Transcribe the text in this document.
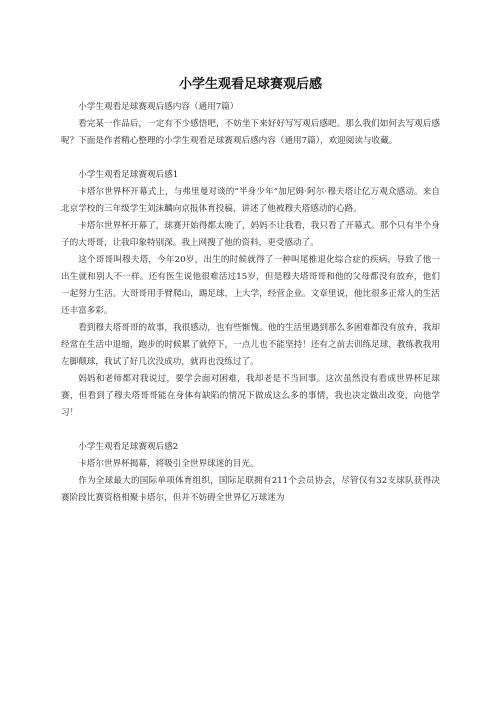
小学生观看足球赛观后感

小学生观看足球赛观后感内容（通用7篇）

看完某一作品后，一定有不少感悟吧，不妨坐下来好好写写观后感吧。那么我们如何去写观后感呢？下面是作者精心整理的小学生观看足球赛观后感内容（通用7篇），欢迎阅读与收藏。

小学生观看足球赛观后感1

卡塔尔世界杯开幕式上，与弗里曼对谈的“半身少年”加尼姆·阿尔·穆夫塔让亿万观众感动。来自北京学校的三年级学生刘沫麟向京报体育投稿，讲述了他被穆夫塔感动的心路。

卡塔尔世界杯开幕了，球赛开始得都太晚了，妈妈不让我看，我只看了开幕式。那个只有半个身子的大哥哥，让我印象特别深。我上网搜了他的资料，更受感动了。

这个哥哥叫穆夫塔，今年20岁，出生的时候就得了一种叫尾椎退化综合症的疾病，导致了他一出生就和别人不一样。还有医生说他很难活过15岁，但是穆夫塔哥哥和他的父母都没有放弃，他们一起努力生活。大哥哥用手臂爬山，踢足球，上大学，经营企业。文章里说，他比很多正常人的生活还丰富多彩。

看到穆夫塔哥哥的故事，我很感动，也有些惭愧。他的生活里遇到那么多困难都没有放弃，我却经常在生活中退缩，跑步的时候累了就停下，一点儿也不能坚持！还有之前去训练足球，教练教我用左脚颠球，我试了好几次没成功，就再也没练过了。

妈妈和老师都对我说过，要学会面对困难，我却老是不当回事。这次虽然没有看成世界杯足球赛，但看到了穆夫塔哥哥能在身体有缺陷的情况下做成这么多的事情，我也决定做出改变，向他学习！

小学生观看足球赛观后感2

卡塔尔世界杯揭幕，将吸引全世界球迷的目光。

作为全球最大的国际单项体育组织，国际足联拥有211个会员协会，尽管仅有32支球队获得决赛阶段比赛资格相聚卡塔尔，但并不妨碍全世界亿万球迷为
